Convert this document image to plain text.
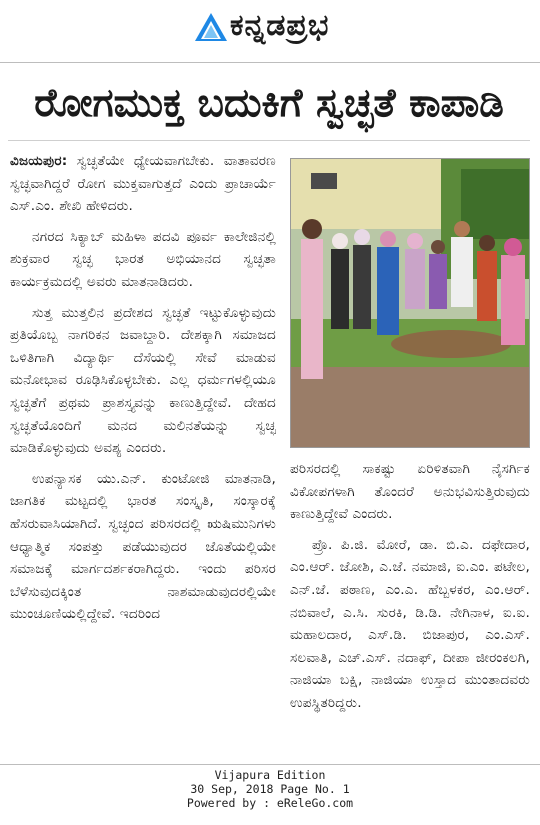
ಕನ್ನಡಪ್ರಭ
ರೋಗಮುಕ್ತ ಬದುಕಿಗೆ ಸ್ವಚ್ಛತೆ ಕಾಪಾಡಿ

ವಿಜಯಪುರ: ಸ್ವಚ್ಛತೆಯೇ ಧ್ಯೇಯವಾಗಬೇಕು. ವಾತಾವರಣ ಸ್ವಚ್ಛವಾಗಿದ್ದರೆ ರೋಗ ಮುಕ್ತವಾಗುತ್ತದೆ ಎಂದು ಪ್ರಾಚಾರ್ಯೆ ಎಸ್.ಎಂ. ಶೇಖಿ ಹೇಳಿದರು.

ನಗರದ ಸಿಕ್ಯಾಬ್ ಮಹಿಳಾ ಪದವಿ ಪೂರ್ವ ಕಾಲೇಜಿನಲ್ಲಿ ಶುಕ್ರವಾರ ಸ್ವಚ್ಛ ಭಾರತ ಅಭಿಯಾನದ ಸ್ವಚ್ಛತಾ ಕಾರ್ಯಕ್ರಮದಲ್ಲಿ ಅವರು ಮಾತನಾಡಿದರು.

ಸುತ್ತ ಮುತ್ತಲಿನ ಪ್ರದೇಶದ ಸ್ವಚ್ಛತೆ ಇಟ್ಟುಕೊಳ್ಳುವುದು ಪ್ರತಿಯೊಬ್ಬ ನಾಗರಿಕನ ಜವಾಬ್ದಾರಿ. ದೇಶಕ್ಕಾಗಿ ಸಮಾಜದ ಒಳಿತಿಗಾಗಿ ವಿದ್ಯಾರ್ಥಿ ದೆಸೆಯಲ್ಲಿ ಸೇವೆ ಮಾಡುವ ಮನೋಭಾವ ರೂಢಿಸಿಕೊಳ್ಳಬೇಕು. ಎಲ್ಲ ಧರ್ಮಗಳಲ್ಲಿಯೂ ಸ್ವಚ್ಛತೆಗೆ ಪ್ರಥಮ ಪ್ರಾಶಸ್ತ್ಯವನ್ನು ಕಾಣುತ್ತಿದ್ದೇವೆ. ದೇಹದ ಸ್ವಚ್ಛತೆಯೊಂದಿಗೆ ಮನದ ಮಲಿನತೆಯನ್ನು ಸ್ವಚ್ಛ ಮಾಡಿಕೊಳ್ಳುವುದು ಅವಶ್ಯ ಎಂದರು.

ಉಪನ್ಯಾಸಕ ಯು.ಎನ್. ಕುಂಟೋಜಿ ಮಾತನಾಡಿ, ಜಾಗತಿಕ ಮಟ್ಟದಲ್ಲಿ ಭಾರತ ಸಂಸ್ಕೃತಿ, ಸಂಸ್ಕಾರಕ್ಕೆ ಹೆಸರುವಾಸಿಯಾಗಿದೆ. ಸ್ವಚ್ಛಂದ ಪರಿಸರದಲ್ಲಿ ಋಷಿಮುನಿಗಳು ಆಧ್ಯಾತ್ಮಿಕ ಸಂಪತ್ತು ಪಡೆಯುವುದರ ಜೊತೆಯಲ್ಲಿಯೇ ಸಮಾಜಕ್ಕೆ ಮಾರ್ಗದರ್ಶಕರಾಗಿದ್ದರು. ಇಂದು ಪರಿಸರ ಬೆಳೆಸುವುದಕ್ಕಿಂತ ನಾಶಮಾಡುವುದರಲ್ಲಿಯೇ ಮುಂಚೂಣಿಯಲ್ಲಿದ್ದೇವೆ. ಇದರಿಂದ

ಪರಿಸರದಲ್ಲಿ ಸಾಕಷ್ಟು ಏರಿಳಿತವಾಗಿ ನೈಸರ್ಗಿಕ ವಿಕೋಪಗಳಾಗಿ ತೊಂದರೆ ಅನುಭವಿಸುತ್ತಿರುವುದು ಕಾಣುತ್ತಿದ್ದೇವೆ ಎಂದರು.

ಪ್ರೊ. ಪಿ.ಜಿ. ಮೋರೆ, ಡಾ. ಬಿ.ಎ. ದಫೇದಾರ, ಎಂ.ಆರ್. ಜೋಶಿ, ಎ.ಜೆ. ನಮಾಜಿ, ಐ.ಎಂ. ಪಟೇಲ, ಎನ್.ಜೆ. ಪಠಾಣ, ಎಂ.ಎ. ಹೆಬ್ಬಳಕರ, ಎಂ.ಆರ್. ನಬಿವಾಲೆ, ಎ.ಸಿ. ಸುರಕಿ, ಡಿ.ಡಿ. ನೇಗಿನಾಳ, ಐ.ಐ. ಮಹಾಲದಾರ, ಎಸ್.ಡಿ. ಬಿಜಾಪುರ, ಎಂ.ಎಸ್. ಸಲವಾತಿ, ಎಚ್.ಎಸ್. ನದಾಫ್, ದೀಪಾ ಜೀರಂಕಲಗಿ, ನಾಜಿಯಾ ಬಕ್ಷಿ, ನಾಜಿಯಾ ಉಸ್ತಾದ ಮುಂತಾದವರು ಉಪಸ್ಥಿತರಿದ್ದರು.

Vijapura Edition
30 Sep, 2018 Page No. 1
Powered by : eReleGo.com
